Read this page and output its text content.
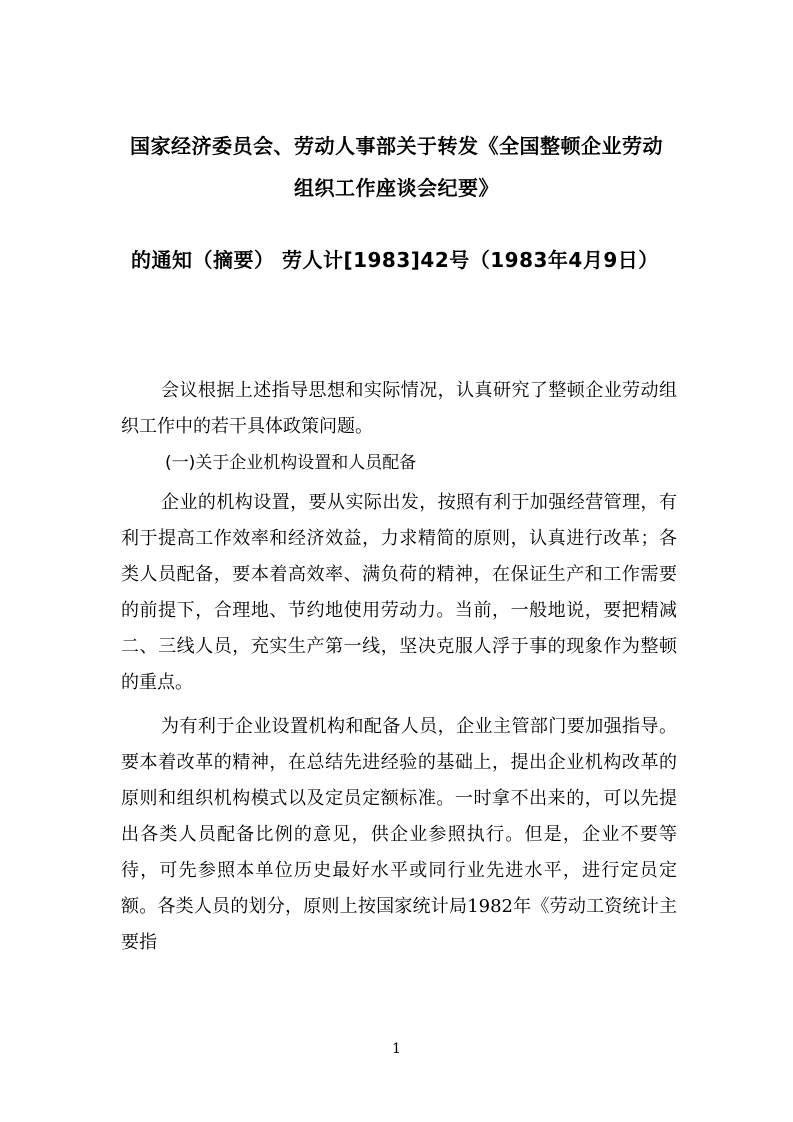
国家经济委员会、劳动人事部关于转发《全国整顿企业劳动
组织工作座谈会纪要》
的通知（摘要） 劳人计[1983]42号（1983年4月9日）

会议根据上述指导思想和实际情况，认真研究了整顿企业劳动组织工作中的若干具体政策问题。

(一)关于企业机构设置和人员配备

企业的机构设置，要从实际出发，按照有利于加强经营管理，有利于提高工作效率和经济效益，力求精简的原则，认真进行改革；各类人员配备，要本着高效率、满负荷的精神，在保证生产和工作需要的前提下，合理地、节约地使用劳动力。当前，一般地说，要把精减二、三线人员，充实生产第一线，坚决克服人浮于事的现象作为整顿的重点。

为有利于企业设置机构和配备人员，企业主管部门要加强指导。要本着改革的精神，在总结先进经验的基础上，提出企业机构改革的原则和组织机构模式以及定员定额标准。一时拿不出来的，可以先提出各类人员配备比例的意见，供企业参照执行。但是，企业不要等待，可先参照本单位历史最好水平或同行业先进水平，进行定员定额。各类人员的划分，原则上按国家统计局1982年《劳动工资统计主要指

1
